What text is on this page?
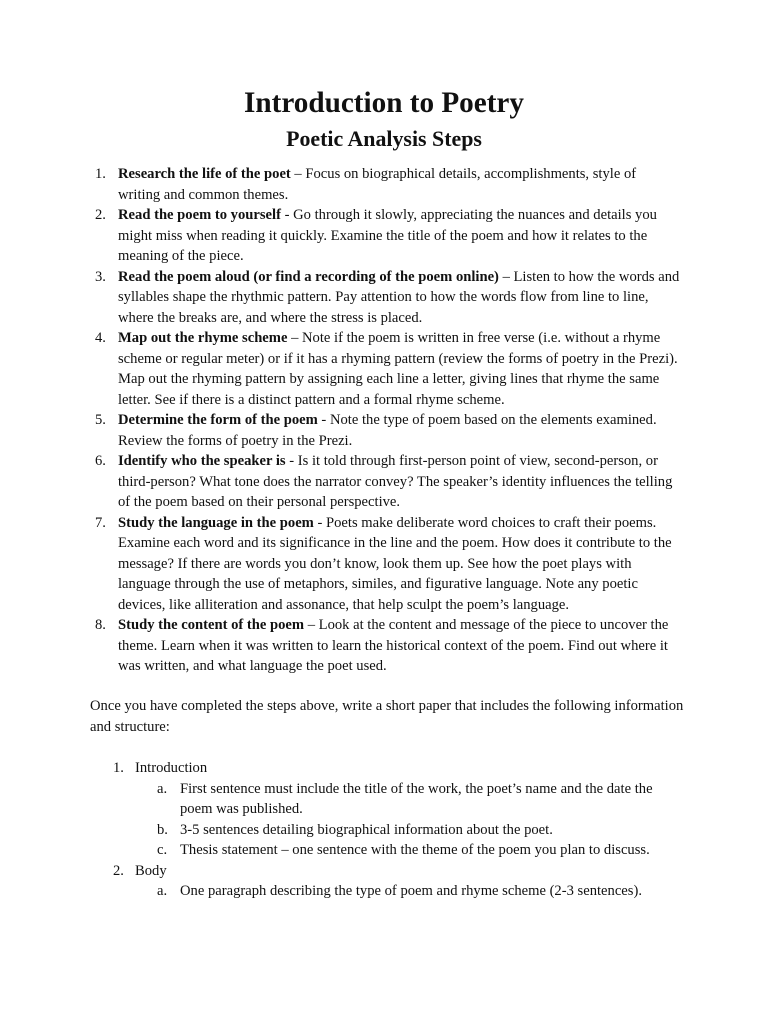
Introduction to Poetry
Poetic Analysis Steps
1. Research the life of the poet – Focus on biographical details, accomplishments, style of writing and common themes.
2. Read the poem to yourself - Go through it slowly, appreciating the nuances and details you might miss when reading it quickly. Examine the title of the poem and how it relates to the meaning of the piece.
3. Read the poem aloud (or find a recording of the poem online) – Listen to how the words and syllables shape the rhythmic pattern. Pay attention to how the words flow from line to line, where the breaks are, and where the stress is placed.
4. Map out the rhyme scheme – Note if the poem is written in free verse (i.e. without a rhyme scheme or regular meter) or if it has a rhyming pattern (review the forms of poetry in the Prezi). Map out the rhyming pattern by assigning each line a letter, giving lines that rhyme the same letter. See if there is a distinct pattern and a formal rhyme scheme.
5. Determine the form of the poem - Note the type of poem based on the elements examined. Review the forms of poetry in the Prezi.
6. Identify who the speaker is - Is it told through first-person point of view, second-person, or third-person? What tone does the narrator convey? The speaker’s identity influences the telling of the poem based on their personal perspective.
7. Study the language in the poem - Poets make deliberate word choices to craft their poems. Examine each word and its significance in the line and the poem. How does it contribute to the message? If there are words you don’t know, look them up. See how the poet plays with language through the use of metaphors, similes, and figurative language. Note any poetic devices, like alliteration and assonance, that help sculpt the poem’s language.
8. Study the content of the poem – Look at the content and message of the piece to uncover the theme. Learn when it was written to learn the historical context of the poem. Find out where it was written, and what language the poet used.

Once you have completed the steps above, write a short paper that includes the following information and structure:

1. Introduction
a. First sentence must include the title of the work, the poet’s name and the date the poem was published.
b. 3-5 sentences detailing biographical information about the poet.
c. Thesis statement – one sentence with the theme of the poem you plan to discuss.
2. Body
a. One paragraph describing the type of poem and rhyme scheme (2-3 sentences).
